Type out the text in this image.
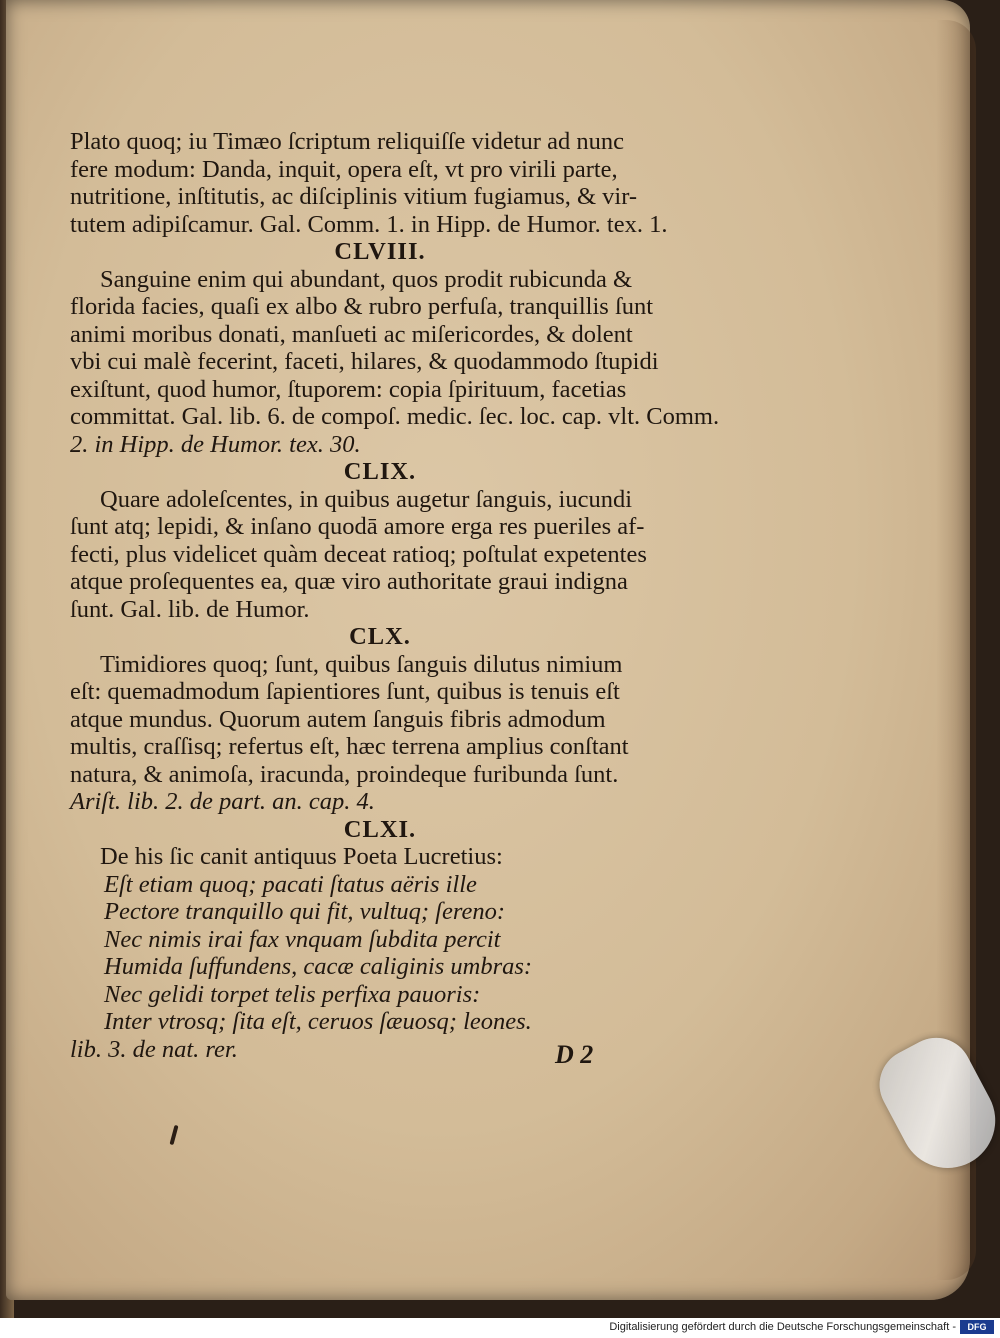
Plato quoq; iu Timæo ſcriptum reliquiſſe videtur ad nunc
fere modum: Danda, inquit, opera eſt, vt pro virili parte,
nutritione, inſtitutis, ac diſciplinis vitium fugiamus, & vir-
tutem adipiſcamur. Gal. Comm. 1. in Hipp. de Humor. tex. 1.
CLVIII.
Sanguine enim qui abundant, quos prodit rubicunda &
florida facies, quaſi ex albo & rubro perfuſa, tranquillis ſunt
animi moribus donati, manſueti ac miſericordes, & dolent
vbi cui malè fecerint, faceti, hilares, & quodammodo ſtupidi
exiſtunt, quod humor, ſtuporem: copia ſpirituum, facetias
committat. Gal. lib. 6. de compoſ. medic. ſec. loc. cap. vlt. Comm.
2. in Hipp. de Humor. tex. 30.
CLIX.
Quare adoleſcentes, in quibus augetur ſanguis, iucundi
ſunt atq; lepidi, & inſano quodā amore erga res pueriles af-
fecti, plus videlicet quàm deceat ratioq; poſtulat expetentes
atque proſequentes ea, quæ viro authoritate graui indigna
ſunt. Gal. lib. de Humor.
CLX.
Timidiores quoq; ſunt, quibus ſanguis dilutus nimium
eſt: quemadmodum ſapientiores ſunt, quibus is tenuis eſt
atque mundus. Quorum autem ſanguis fibris admodum
multis, craſſisq; refertus eſt, hæc terrena amplius conſtant
natura, & animoſa, iracunda, proindeque furibunda ſunt.
Ariſt. lib. 2. de part. an. cap. 4.
CLXI.
De his ſic canit antiquus Poeta Lucretius:
Eſt etiam quoq; pacati ſtatus aëris ille
Pectore tranquillo qui fit, vultuq; ſereno:
Nec nimis irai fax vnquam ſubdita percit
Humida ſuffundens, cacæ caliginis umbras:
Nec gelidi torpet telis perfixa pauoris:
Inter vtrosq; ſita eſt, ceruos ſæuosq; leones.
lib. 3. de nat. rer.	D 2
Digitalisierung gefördert durch die Deutsche Forschungsgemeinschaft -	DFG
